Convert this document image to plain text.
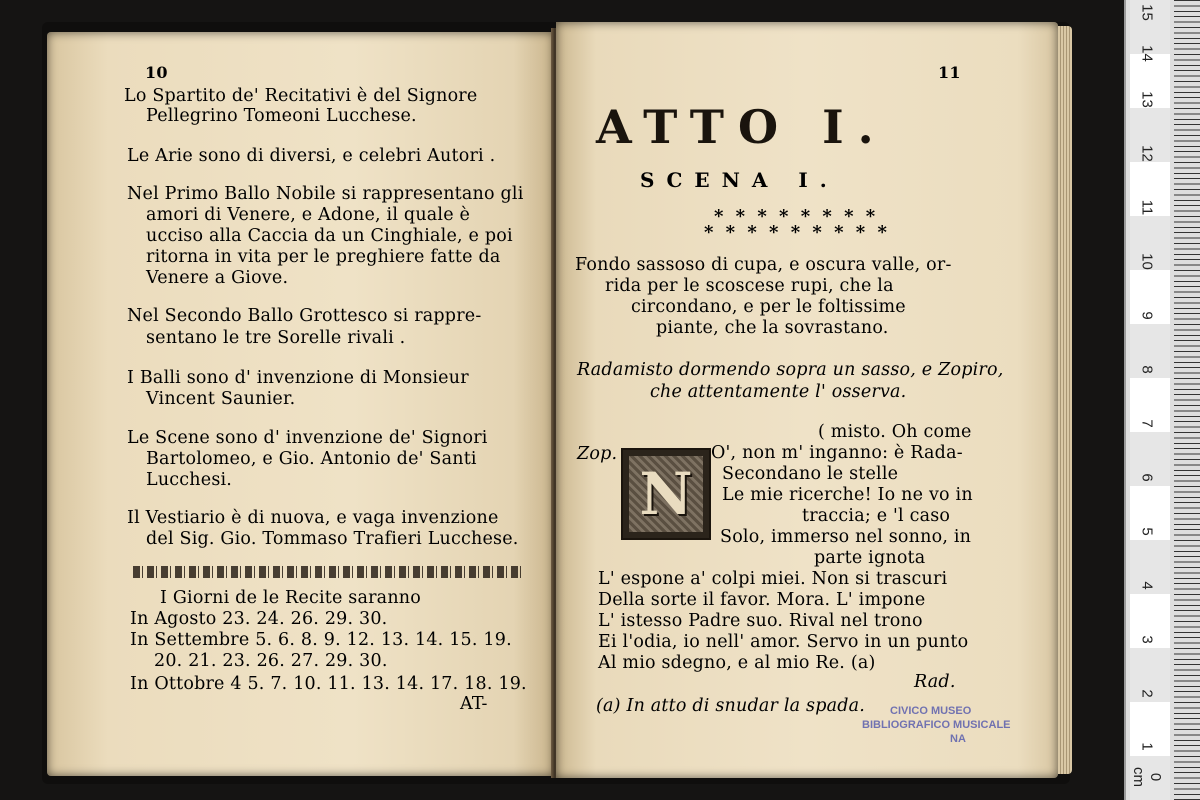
10
Lo Spartito de' Recitativi è del Signore
Pellegrino Tomeoni Lucchese.
Le Arie sono di diversi, e celebri Autori .
Nel Primo Ballo Nobile si rappresentano gli
amori di Venere, e Adone, il quale è
ucciso alla Caccia da un Cinghiale, e poi
ritorna in vita per le preghiere fatte da
Venere a Giove.
Nel Secondo Ballo Grottesco si rappre-
sentano le tre Sorelle rivali .
I Balli sono d' invenzione di Monsieur
Vincent Saunier.
Le Scene sono d' invenzione de' Signori
Bartolomeo, e Gio. Antonio de' Santi
Lucchesi.
Il Vestiario è di nuova, e vaga invenzione
del Sig. Gio. Tommaso Trafieri Lucchese.
I Giorni de le Recite saranno
In Agosto 23. 24. 26. 29. 30.
In Settembre 5. 6. 8. 9. 12. 13. 14. 15. 19.
20. 21. 23. 26. 27. 29. 30.
In Ottobre 4 5. 7. 10. 11. 13. 14. 17. 18. 19.
AT-
11
ATTO I.
SCENA I.
* * * * * * * *
* * * * * * * * *
Fondo sassoso di cupa, e oscura valle, or-
rida per le scoscese rupi, che la
circondano, e per le foltissime
piante, che la sovrastano.
Radamisto dormendo sopra un sasso, e Zopiro,
che attentamente l' osserva.
Zop.
N
( misto. Oh come
O', non m' inganno: è Rada-
Secondano le stelle
Le mie ricerche! Io ne vo in
traccia; e 'l caso
Solo, immerso nel sonno, in
parte ignota
L' espone a' colpi miei. Non si trascuri
Della sorte il favor. Mora. L' impone
L' istesso Padre suo. Rival nel trono
Ei l'odia, io nell' amor. Servo in un punto
Al mio sdegno, e al mio Re. (a)
Rad.
(a) In atto di snudar la spada. CIVICO MUSEO
BIBLIOGRAFICO MUSICALE
NA
0 cm
1
2
3
4
5
6
7
8
9
10
11
12
13
14
15
